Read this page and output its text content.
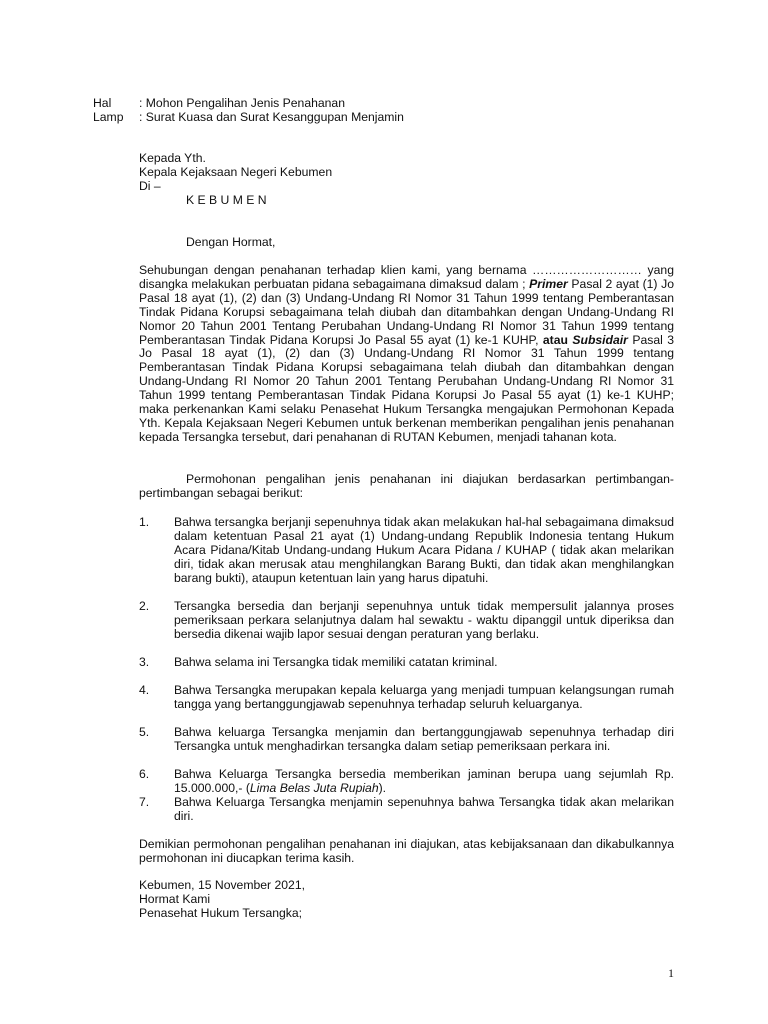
Hal : Mohon Pengalihan Jenis Penahanan
Lamp : Surat Kuasa dan Surat Kesanggupan Menjamin
Kepada Yth.
Kepala Kejaksaan Negeri Kebumen
Di –
K E B U M E N
Dengan Hormat,
Sehubungan dengan penahanan terhadap klien kami, yang bernama ……………………… yang disangka melakukan perbuatan pidana sebagaimana dimaksud dalam ; Primer Pasal 2 ayat (1) Jo Pasal 18 ayat (1), (2) dan (3) Undang-Undang RI Nomor 31 Tahun 1999 tentang Pemberantasan Tindak Pidana Korupsi sebagaimana telah diubah dan ditambahkan dengan Undang-Undang RI Nomor 20 Tahun 2001 Tentang Perubahan Undang-Undang RI Nomor 31 Tahun 1999 tentang Pemberantasan Tindak Pidana Korupsi Jo Pasal 55 ayat (1) ke-1 KUHP, atau Subsidair Pasal 3 Jo Pasal 18 ayat (1), (2) dan (3) Undang-Undang RI Nomor 31 Tahun 1999 tentang Pemberantasan Tindak Pidana Korupsi sebagaimana telah diubah dan ditambahkan dengan Undang-Undang RI Nomor 20 Tahun 2001 Tentang Perubahan Undang-Undang RI Nomor 31 Tahun 1999 tentang Pemberantasan Tindak Pidana Korupsi Jo Pasal 55 ayat (1) ke-1 KUHP; maka perkenankan Kami selaku Penasehat Hukum Tersangka mengajukan Permohonan Kepada Yth. Kepala Kejaksaan Negeri Kebumen untuk berkenan memberikan pengalihan jenis penahanan kepada Tersangka tersebut, dari penahanan di RUTAN Kebumen, menjadi tahanan kota.
Permohonan pengalihan jenis penahanan ini diajukan berdasarkan pertimbangan-pertimbangan sebagai berikut:
1. Bahwa tersangka berjanji sepenuhnya tidak akan melakukan hal-hal sebagaimana dimaksud dalam ketentuan Pasal 21 ayat (1) Undang-undang Republik Indonesia tentang Hukum Acara Pidana/Kitab Undang-undang Hukum Acara Pidana / KUHAP ( tidak akan melarikan diri, tidak akan merusak atau menghilangkan Barang Bukti, dan tidak akan menghilangkan barang bukti), ataupun ketentuan lain yang harus dipatuhi.
2. Tersangka bersedia dan berjanji sepenuhnya untuk tidak mempersulit jalannya proses pemeriksaan perkara selanjutnya dalam hal sewaktu - waktu dipanggil untuk diperiksa dan bersedia dikenai wajib lapor sesuai dengan peraturan yang berlaku.
3. Bahwa selama ini Tersangka tidak memiliki catatan kriminal.
4. Bahwa Tersangka merupakan kepala keluarga yang menjadi tumpuan kelangsungan rumah tangga yang bertanggungjawab sepenuhnya terhadap seluruh keluarganya.
5. Bahwa keluarga Tersangka menjamin dan bertanggungjawab sepenuhnya terhadap diri Tersangka untuk menghadirkan tersangka dalam setiap pemeriksaan perkara ini.
6. Bahwa Keluarga Tersangka bersedia memberikan jaminan berupa uang sejumlah Rp. 15.000.000,- (Lima Belas Juta Rupiah).
7. Bahwa Keluarga Tersangka menjamin sepenuhnya bahwa Tersangka tidak akan melarikan diri.
Demikian permohonan pengalihan penahanan ini diajukan, atas kebijaksanaan dan dikabulkannya permohonan ini diucapkan terima kasih.
Kebumen, 15 November 2021,
Hormat Kami
Penasehat Hukum Tersangka;
1
